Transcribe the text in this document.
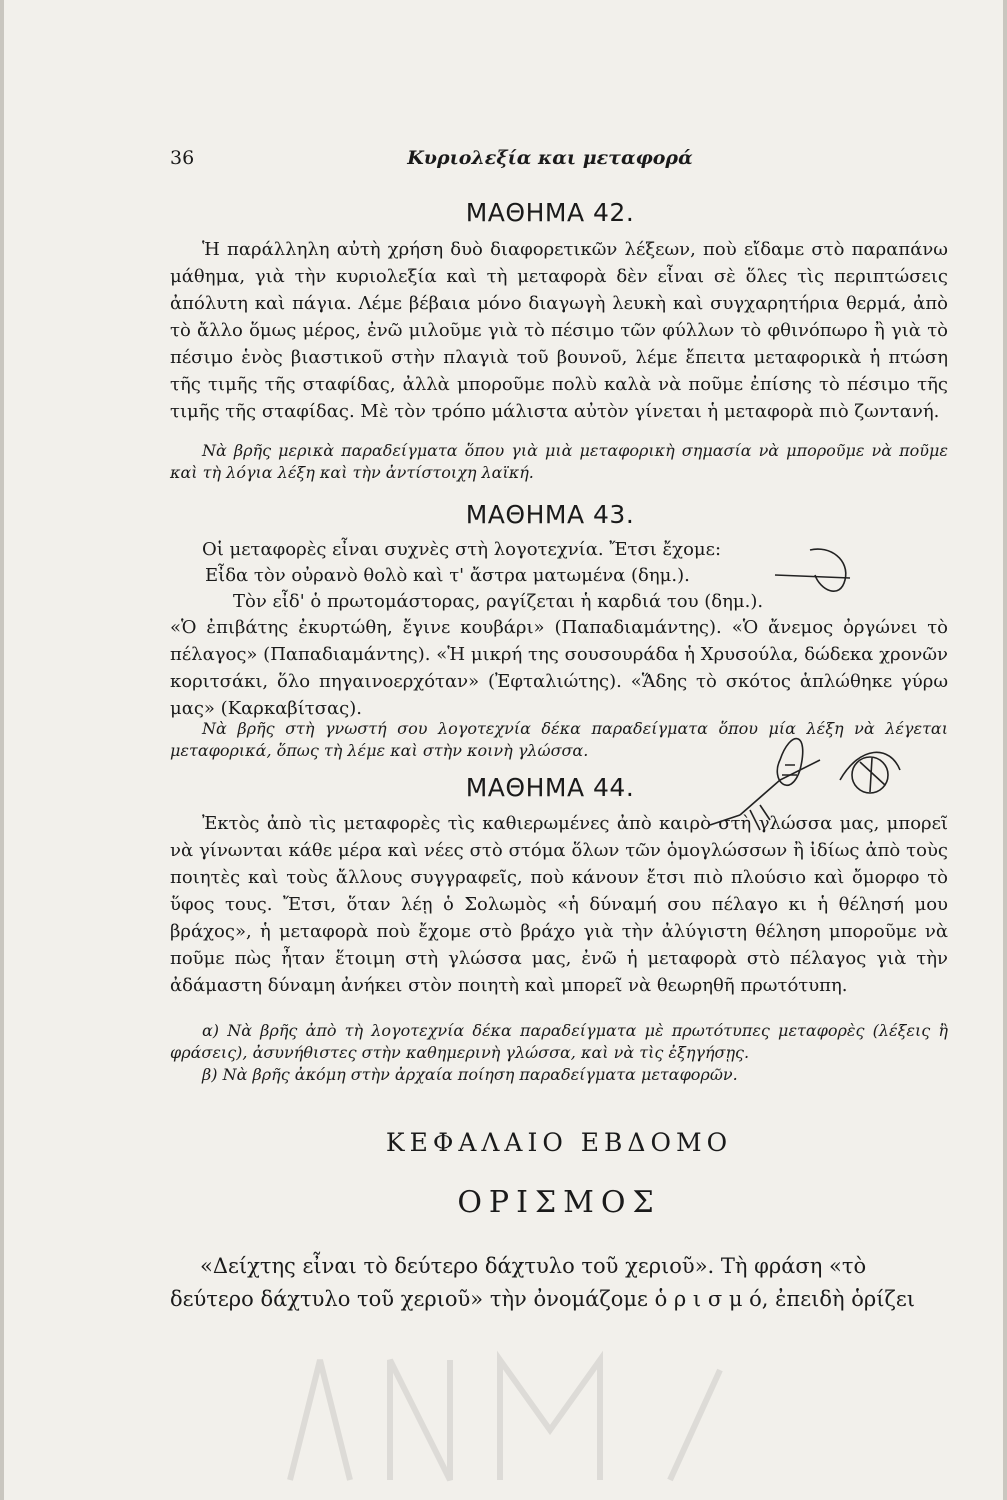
36	Κυριολεξία και μεταφορά
ΜΑΘΗΜΑ 42.
Ἡ παράλληλη αὐτὴ χρήση δυὸ διαφορετικῶν λέξεων, ποὺ εἴδαμε στὸ παραπάνω μάθημα, γιὰ τὴν κυριολεξία καὶ τὴ μεταφορὰ δὲν εἶναι σὲ ὅλες τὶς περιπτώσεις ἀπόλυτη καὶ πάγια. Λέμε βέβαια μόνο διαγωγὴ λευκὴ καὶ συγχαρητήρια θερμά, ἀπὸ τὸ ἄλλο ὅμως μέρος, ἐνῶ μιλοῦμε γιὰ τὸ πέσιμο τῶν φύλλων τὸ φθινόπωρο ἢ γιὰ τὸ πέσιμο ἑνὸς βιαστικοῦ στὴν πλαγιὰ τοῦ βουνοῦ, λέμε ἔπειτα μεταφορικὰ ἡ πτώση τῆς τιμῆς τῆς σταφίδας, ἀλλὰ μποροῦμε πολὺ καλὰ νὰ ποῦμε ἐπίσης τὸ πέσιμο τῆς τιμῆς τῆς σταφίδας. Μὲ τὸν τρόπο μάλιστα αὐτὸν γίνεται ἡ μεταφορὰ πιὸ ζωντανή.
Νὰ βρῆς μερικὰ παραδείγματα ὅπου γιὰ μιὰ μεταφορικὴ σημασία νὰ μποροῦμε νὰ ποῦμε καὶ τὴ λόγια λέξη καὶ τὴν ἀντίστοιχη λαϊκή.
ΜΑΘΗΜΑ 43.
Οἱ μεταφορὲς εἶναι συχνὲς στὴ λογοτεχνία. Ἔτσι ἔχομε:
Εἶδα τὸν οὐρανὸ θολὸ καὶ τ' ἄστρα ματωμένα (δημ.).
Τὸν εἶδ' ὁ πρωτομάστορας, ραγίζεται ἡ καρδιά του (δημ.).
«Ὁ ἐπιβάτης ἐκυρτώθη, ἔγινε κουβάρι» (Παπαδιαμάντης). «Ὁ ἄνεμος ὀργώνει τὸ πέλαγος» (Παπαδιαμάντης). «Ἡ μικρή της σουσουράδα ἡ Χρυσούλα, δώδεκα χρονῶν κοριτσάκι, ὅλο πηγαινοερχόταν» (Ἐφταλιώτης). «Ἅδης τὸ σκότος ἁπλώθηκε γύρω μας» (Καρκαβίτσας).
Νὰ βρῆς στὴ γνωστή σου λογοτεχνία δέκα παραδείγματα ὅπου μία λέξη νὰ λέγεται μεταφορικά, ὅπως τὴ λέμε καὶ στὴν κοινὴ γλώσσα.
ΜΑΘΗΜΑ 44.
Ἐκτὸς ἀπὸ τὶς μεταφορὲς τὶς καθιερωμένες ἀπὸ καιρὸ στὴ γλώσσα μας, μπορεῖ νὰ γίνωνται κάθε μέρα καὶ νέες στὸ στόμα ὅλων τῶν ὁμογλώσσων ἢ ἰδίως ἀπὸ τοὺς ποιητὲς καὶ τοὺς ἄλλους συγγραφεῖς, ποὺ κάνουν ἔτσι πιὸ πλούσιο καὶ ὄμορφο τὸ ὕφος τους. Ἔτσι, ὅταν λέῃ ὁ Σολωμὸς «ἡ δύναμή σου πέλαγο κι ἡ θέλησή μου βράχος», ἡ μεταφορὰ ποὺ ἔχομε στὸ βράχο γιὰ τὴν ἀλύγιστη θέληση μποροῦμε νὰ ποῦμε πὼς ἦταν ἕτοιμη στὴ γλώσσα μας, ἐνῶ ἡ μεταφορὰ στὸ πέλαγος γιὰ τὴν ἀδάμαστη δύναμη ἀνήκει στὸν ποιητὴ καὶ μπορεῖ νὰ θεωρηθῆ πρωτότυπη.
α) Νὰ βρῆς ἀπὸ τὴ λογοτεχνία δέκα παραδείγματα μὲ πρωτότυπες μεταφορὲς (λέξεις ἢ φράσεις), ἀσυνήθιστες στὴν καθημερινὴ γλώσσα, καὶ νὰ τὶς ἐξηγήσῃς.
β) Νὰ βρῆς ἀκόμη στὴν ἀρχαία ποίηση παραδείγματα μεταφορῶν.
ΚΕΦΑΛΑΙΟ ΕΒΔΟΜΟ
ΟΡΙΣΜΟΣ
«Δείχτης εἶναι τὸ δεύτερο δάχτυλο τοῦ χεριοῦ». Τὴ φράση «τὸ
δεύτερο δάχτυλο τοῦ χεριοῦ» τὴν ὀνομάζομε ὁ ρ ι σ μ ό, ἐπειδὴ ὁρίζει
